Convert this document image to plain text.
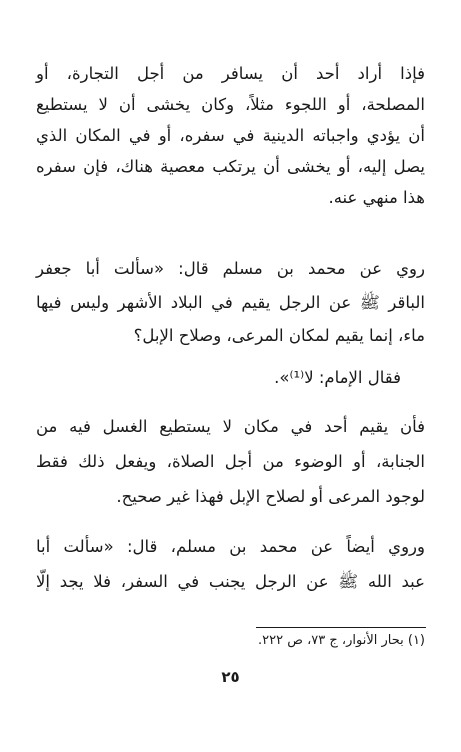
فإذا أراد أحد أن يسافر من أجل التجارة، أو
المصلحة، أو اللجوء مثلاً، وكان يخشى أن لا يستطيع
أن يؤدي واجباته الدينية في سفره، أو في المكان الذي
يصل إليه، أو يخشى أن يرتكب معصية هناك، فإن سفره
هذا منهي عنه.
روي عن محمد بن مسلم قال: «سألت أبا جعفر
الباقر ﷺ عن الرجل يقيم في البلاد الأشهر وليس فيها
ماء، إنما يقيم لمكان المرعى، وصلاح الإبل؟
فقال الإمام: لا⁽¹⁾».
فأن يقيم أحد في مكان لا يستطيع الغسل فيه من
الجنابة، أو الوضوء من أجل الصلاة، ويفعل ذلك فقط
لوجود المرعى أو لصلاح الإبل فهذا غير صحيح.
وروي أيضاً عن محمد بن مسلم، قال: «سألت أبا
عبد الله ﷺ عن الرجل يجنب في السفر، فلا يجد إلّا
(١) بحار الأنوار، ج ٧٣، ص ٢٢٢.
٢٥
